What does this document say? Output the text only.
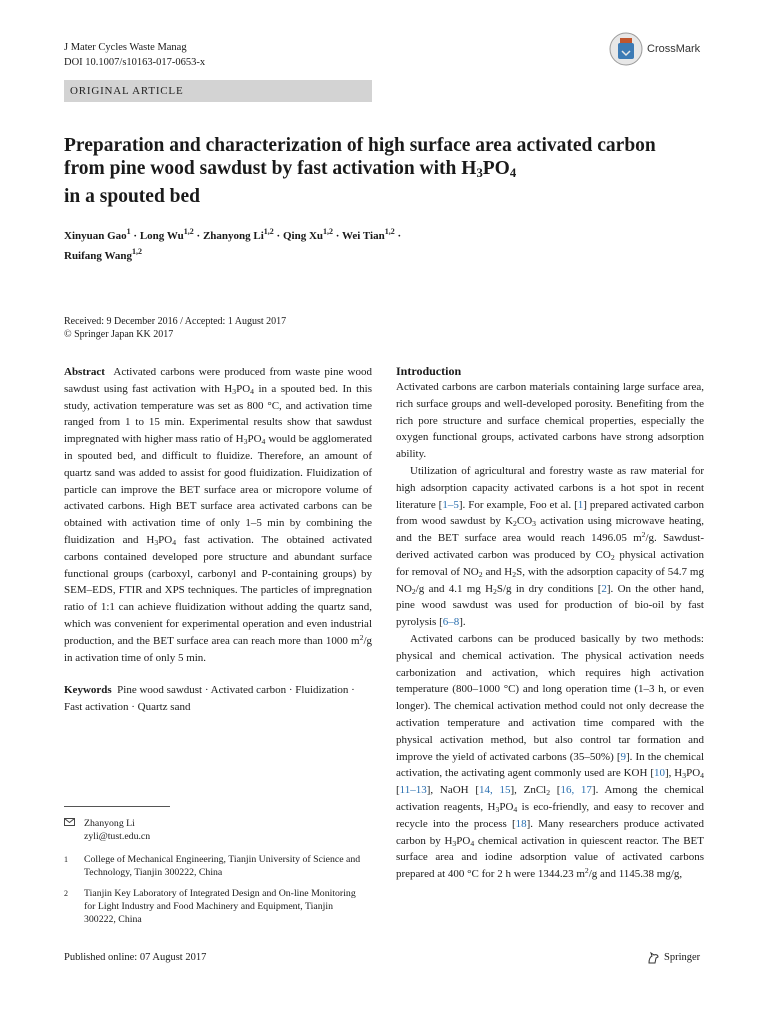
J Mater Cycles Waste Manag
DOI 10.1007/s10163-017-0653-x
CrossMark
ORIGINAL ARTICLE
Preparation and characterization of high surface area activated carbon from pine wood sawdust by fast activation with $H_3PO_4$
in a spouted bed
Xinyuan Gao$^1$ · Long Wu$^{1,2}$ · Zhanyong Li$^{1,2}$ · Qing Xu$^{1,2}$ · Wei Tian$^{1,2}$ ·
Ruifang Wang$^{1,2}$
Received: 9 December 2016 / Accepted: 1 August 2017
© Springer Japan KK 2017

Abstract  Activated carbons were produced from waste pine wood sawdust using fast activation with $H_3PO_4$ in a spouted bed. In this study, activation temperature was set as 800 °C, and activation time ranged from 1 to 15 min. Experimental results show that sawdust impregnated with higher mass ratio of $H_3PO_4$ would be agglomerated in spouted bed, and difficult to fluidize. Therefore, an amount of quartz sand was added to assist for good fluidization. Fluidization of particle can improve the BET surface area or micropore volume of activated carbons. High BET surface area activated carbons can be obtained with activation time of only 1–5 min by combining the fluidization and $H_3PO_4$ fast activation. The obtained activated carbons contained developed pore structure and abundant surface functional groups (carboxyl, carbonyl and P-containing groups) by SEM–EDS, FTIR and XPS techniques. The particles of impregnation ratio of 1:1 can achieve fluidization without adding the quartz sand, which was convenient for experimental operation and even industrial production, and the BET surface area can reach more than 1000 $m^2/g$ in activation time of only 5 min.

Keywords Pine wood sawdust · Activated carbon · Fluidization · Fast activation · Quartz sand

Zhanyong Li
zyli@tust.edu.cn
1	College of Mechanical Engineering, Tianjin University of Science and Technology, Tianjin 300222, China
2	Tianjin Key Laboratory of Integrated Design and On-line Monitoring for Light Industry and Food Machinery and Equipment, Tianjin 300222, China

Introduction

Activated carbons are carbon materials containing large surface area, rich surface groups and well-developed porosity. Benefiting from the rich pore structure and surface chemical properties, especially the oxygen functional groups, activated carbons have strong adsorption ability.

Utilization of agricultural and forestry waste as raw material for high adsorption capacity activated carbons is a hot spot in recent literature [1–5]. For example, Foo et al. [1] prepared activated carbon from wood sawdust by $K_2CO_3$ activation using microwave heating, and the BET surface area would reach 1496.05 $m^2/g$. Sawdust-derived activated carbon was produced by $CO_2$ physical activation for removal of $NO_2$ and $H_2S$, with the adsorption capacity of 54.7 mg $NO_2/g$ and 4.1 mg $H_2S/g$ in dry conditions [2]. On the other hand, pine wood sawdust was used for production of bio-oil by fast pyrolysis [6–8].

Activated carbons can be produced basically by two methods: physical and chemical activation. The physical activation needs carbonization and activation, which requires high activation temperature (800–1000 °C) and long operation time (1–3 h, or even longer). The chemical activation method could not only decrease the activation temperature and activation time compared with the physical activation method, but also control tar formation and improve the yield of activated carbons (35–50%) [9]. In the chemical activation, the activating agent commonly used are KOH [10], $H_3PO_4$ [11–13], NaOH [14, 15], ZnCl$_2$ [16, 17]. Among the chemical activation reagents, $H_3PO_4$ is eco-friendly, and easy to recover and recycle into the process [18]. Many researchers produce activated carbon by $H_3PO_4$ chemical activation in quiescent reactor. The BET surface area and iodine adsorption value of activated carbons prepared at 400 °C for 2 h were 1344.23 $m^2/g$ and 1145.38 mg/g,

Published online: 07 August 2017	Springer
